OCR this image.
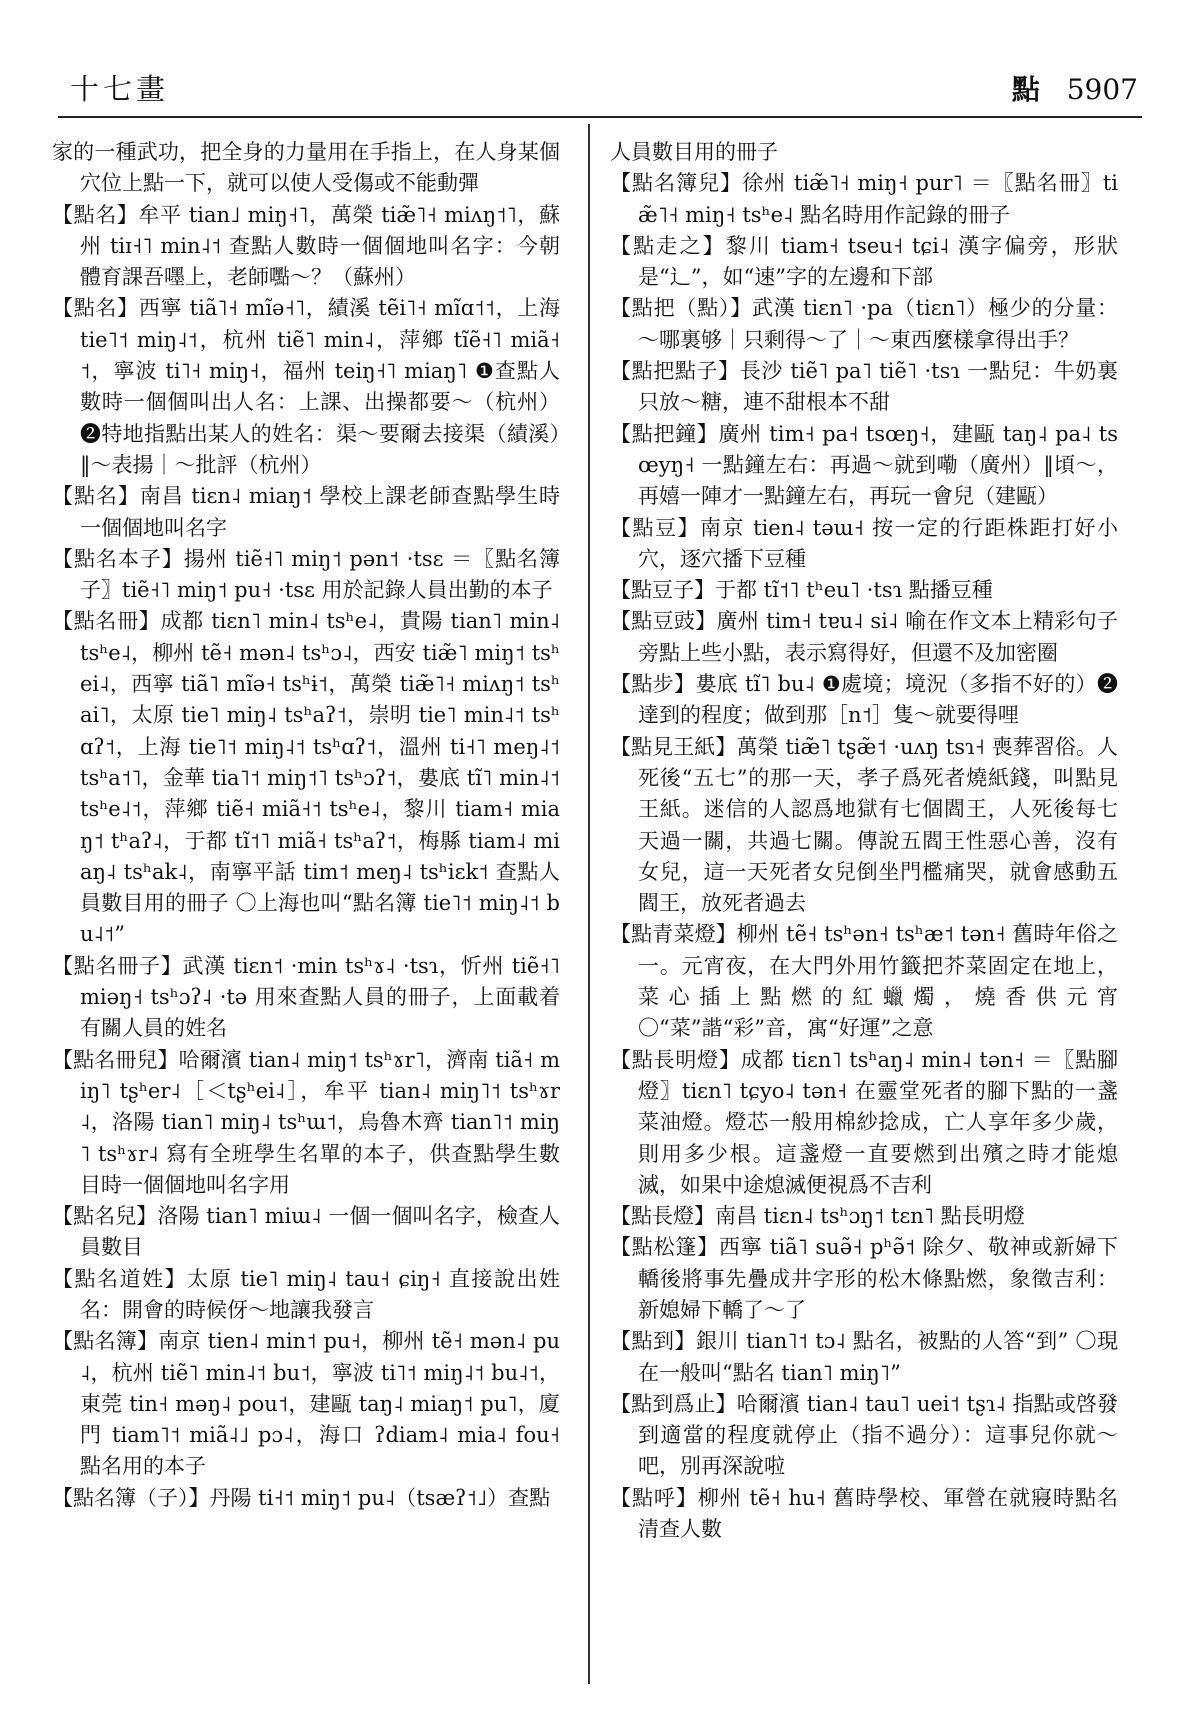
十七畫	點 5907
家的一種武功，把全身的力量用在手指上，在人身某個穴位上點一下，就可以使人受傷或不能動彈
【點名】牟平 tian˩ miŋ˧˥，萬榮 tiæ̃˥˧ miʌŋ˦˥，蘇州 tiɪ˧˥ min˨˦ 查點人數時一個個地叫名字：今朝體育課吾嚜上，老師嚸～？（蘇州）
【點名】西寧 tiã˥˧ mĩə˧˥，績溪 tẽi˥˧ mĩɑ˦˦，上海 tie˥˦ miŋ˨˦，杭州 tiẽ˥ min˨，萍鄉 tĩẽ˧˥ miã˧˦，寧波 ti˥˧ miŋ˧，福州 teiŋ˧˥ miaŋ˥ ❶查點人數時一個個叫出人名：上課、出操都要～（杭州）❷特地指點出某人的姓名：渠～要爾去接渠（績溪）‖～表揚｜～批評（杭州）
【點名】南昌 tiɛn˨ miaŋ˦ 學校上課老師查點學生時一個個地叫名字
【點名本子】揚州 tiẽ˧˥ miŋ˦ pən˦ ·tsɛ ＝〖點名簿子〗tiẽ˧˥ miŋ˦ pu˧ ·tsɛ 用於記錄人員出勤的本子
【點名冊】成都 tiɛn˥ min˨ tsʰe˨，貴陽 tian˥ min˨ tsʰe˨，柳州 tẽ˧ mən˨ tsʰɔ˨，西安 tiæ̃˥ miŋ˦ tsʰei˨，西寧 tiã˥ mĩə˧ tsʰɨ˦，萬榮 tiæ̃˥˧ miʌŋ˦ tsʰai˥，太原 tie˥ miŋ˨ tsʰaʔ˦，崇明 tie˥ min˨˦ tsʰɑʔ˦，上海 tie˥˦ miŋ˨˦ tsʰɑʔ˦，溫州 ti˧˥ meŋ˨˦ tsʰa˦˥，金華 tia˥˦ miŋ˦˥ tsʰɔʔ˦，婁底 tĩ˥ min˨˦ tsʰe˨˦，萍鄉 tiẽ˧ miã˧˦ tsʰe˨，黎川 tiam˧ miaŋ˦ tʰaʔ˨，于都 tĩ˦˥ miã˧ tsʰaʔ˦，梅縣 tiam˨ miaŋ˨ tsʰak˨，南寧平話 tim˦ meŋ˨ tsʰiɛk˦ 查點人員數目用的冊子 〇上海也叫“點名簿 tie˥˦ miŋ˨˦ bu˨˦”
【點名冊子】武漢 tiɛn˦ ·min tsʰɤ˨ ·tsɿ，忻州 tiẽ˧˥ miəŋ˧ tsʰɔʔ˨ ·tə 用來查點人員的冊子，上面載着有關人員的姓名
【點名冊兒】哈爾濱 tian˨ miŋ˦ tsʰɤr˥，濟南 tiã˧ miŋ˥ tʂʰer˨［＜tʂʰei˨］，牟平 tian˨ miŋ˥˦ tsʰɤr˨，洛陽 tian˥ miŋ˨ tsʰɯ˦，烏魯木齊 tian˥˦ miŋ˥ tsʰɤr˨ 寫有全班學生名單的本子，供查點學生數目時一個個地叫名字用
【點名兒】洛陽 tian˥ miɯ˨ 一個一個叫名字，檢查人員數目
【點名道姓】太原 tie˥ miŋ˨ tau˧ ɕiŋ˧ 直接說出姓名：開會的時候伢～地讓我發言
【點名簿】南京 tien˨ min˦ pu˧，柳州 tẽ˧ mən˨ pu˨，杭州 tiẽ˥ min˨˦ bu˦，寧波 ti˥˦ miŋ˨˦ bu˨˦，東莞 tin˧ məŋ˨ pou˦，建甌 taŋ˨ miaŋ˦ pu˥，廈門 tiam˥˦ miã˨˩ pɔ˨，海口 ʔdiam˨ mia˨ fou˧ 點名用的本子
【點名簿（子）】丹陽 ti˧˦ miŋ˦ pu˨（tsæʔ˦˩）查點
人員數目用的冊子
【點名簿兒】徐州 tiæ̃˥˧ miŋ˧ pur˥ ＝〖點名冊〗tiæ̃˥˧ miŋ˧ tsʰe˨ 點名時用作記錄的冊子
【點走之】黎川 tiam˧ tseu˧ tɕi˨ 漢字偏旁，形狀是“辶”，如“速”字的左邊和下部
【點把（點）】武漢 tiɛn˥ ·pa（tiɛn˥）極少的分量：～哪裏够｜只剩得～了｜～東西麼樣拿得出手？
【點把點子】長沙 tiẽ˥ pa˥ tiẽ˥ ·tsɿ 一點兒：牛奶裏只放～糖，連不甜根本不甜
【點把鐘】廣州 tim˧ pa˧ tsœŋ˧，建甌 taŋ˨ pa˨ tsœyŋ˧ 一點鐘左右：再過～就到嘞（廣州）‖頃～，再嬉一陣才一點鐘左右，再玩一會兒（建甌）
【點豆】南京 tien˨ təɯ˧ 按一定的行距株距打好小穴，逐穴播下豆種
【點豆子】于都 tĩ˦˥ tʰeu˥ ·tsɿ 點播豆種
【點豆豉】廣州 tim˧ tɐu˨ si˨ 喻在作文本上精彩句子旁點上些小點，表示寫得好，但還不及加密圈
【點步】婁底 tĩ˥ bu˨ ❶處境；境況（多指不好的）❷達到的程度；做到那［n˦］隻～就要得哩
【點見王紙】萬榮 tiæ̃˥ tʂæ̃˦ ·uʌŋ tsɿ˧ 喪葬習俗。人死後“五七”的那一天，孝子爲死者燒紙錢，叫點見王紙。迷信的人認爲地獄有七個閻王，人死後每七天過一關，共過七關。傳說五閻王性惡心善，沒有女兒，這一天死者女兒倒坐門檻痛哭，就會感動五閻王，放死者過去
【點青菜燈】柳州 tẽ˧ tsʰən˧ tsʰæ˦ tən˧ 舊時年俗之一。元宵夜，在大門外用竹籤把芥菜固定在地上，菜心插上點燃的紅蠟燭，燒香供元宵 〇“菜”諧“彩”音，寓“好運”之意
【點長明燈】成都 tiɛn˥ tsʰaŋ˨ min˨ tən˧ ＝〖點腳燈〗tiɛn˥ tɕyo˨ tən˧ 在靈堂死者的腳下點的一盞菜油燈。燈芯一般用棉紗捻成，亡人享年多少歲，則用多少根。這盞燈一直要燃到出殯之時才能熄滅，如果中途熄滅便視爲不吉利
【點長燈】南昌 tiɛn˨ tsʰɔŋ˦ tɛn˥ 點長明燈
【點松篷】西寧 tiã˥ suə̃˧ pʰə̃˦ 除夕、敬神或新婦下轎後將事先疊成井字形的松木條點燃，象徵吉利：新媳婦下轎了～了
【點到】銀川 tian˥˦ tɔ˨ 點名，被點的人答“到” 〇現在一般叫“點名 tian˥ miŋ˥”
【點到爲止】哈爾濱 tian˨ tau˥ uei˦ tʂɿ˨ 指點或啓發到適當的程度就停止（指不過分）：這事兒你就～吧，別再深說啦
【點呼】柳州 tẽ˧ hu˧ 舊時學校、軍營在就寢時點名清查人數
